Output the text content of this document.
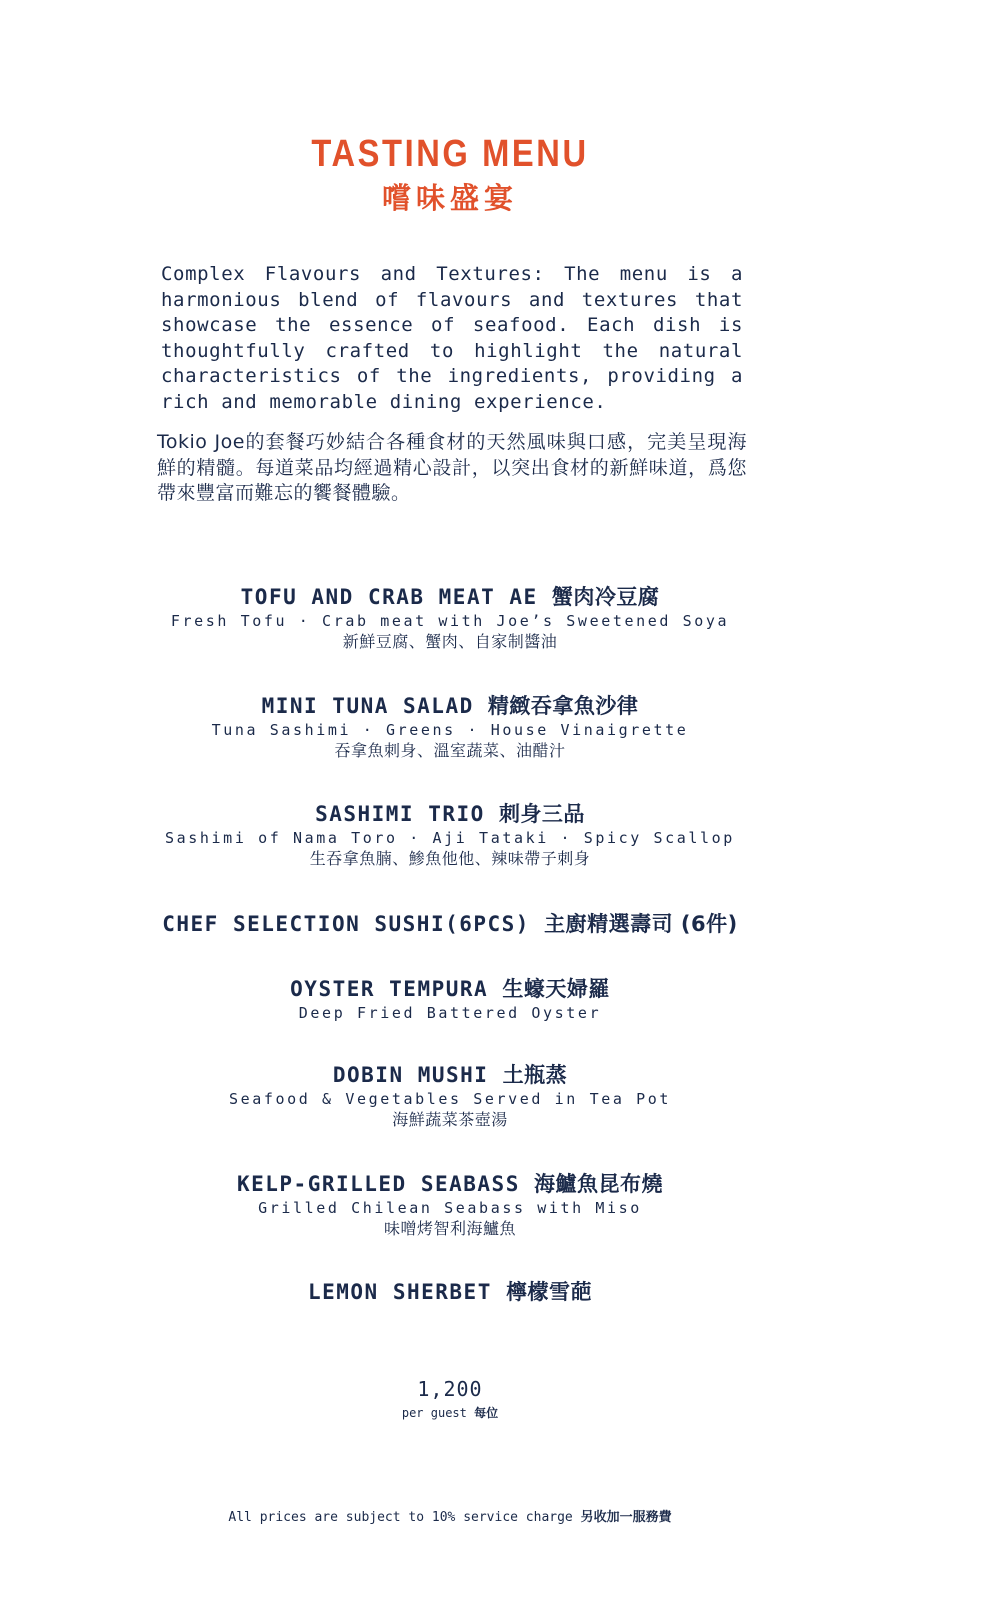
TASTING MENU
嚐味盛宴

Complex Flavours and Textures: The menu is a harmonious blend of flavours and textures that showcase the essence of seafood. Each dish is thoughtfully crafted to highlight the natural characteristics of the ingredients, providing a rich and memorable dining experience.

Tokio Joe的套餐巧妙結合各種食材的天然風味與口感，完美呈現海鮮的精髓。每道菜品均經過精心設計，以突出食材的新鮮味道，爲您帶來豐富而難忘的饗餐體驗。

TOFU AND CRAB MEAT AE 蟹肉冷豆腐
Fresh Tofu · Crab meat with Joe’s Sweetened Soya
新鮮豆腐、蟹肉、自家制醬油
MINI TUNA SALAD 精緻吞拿魚沙律
Tuna Sashimi · Greens · House Vinaigrette
吞拿魚刺身、溫室蔬菜、油醋汁
SASHIMI TRIO 刺身三品
Sashimi of Nama Toro · Aji Tataki · Spicy Scallop
生吞拿魚腩、鯵魚他他、辣味帶子刺身
CHEF SELECTION SUSHI(6PCS) 主廚精選壽司 (6件)
OYSTER TEMPURA 生蠔天婦羅
Deep Fried Battered Oyster
DOBIN MUSHI 土瓶蒸
Seafood & Vegetables Served in Tea Pot
海鮮蔬菜茶壺湯
KELP-GRILLED SEABASS 海鱸魚昆布燒
Grilled Chilean Seabass with Miso
味噌烤智利海鱸魚
LEMON SHERBET 檸檬雪葩
1,200
per guest 每位
All prices are subject to 10% service charge 另收加一服務費
